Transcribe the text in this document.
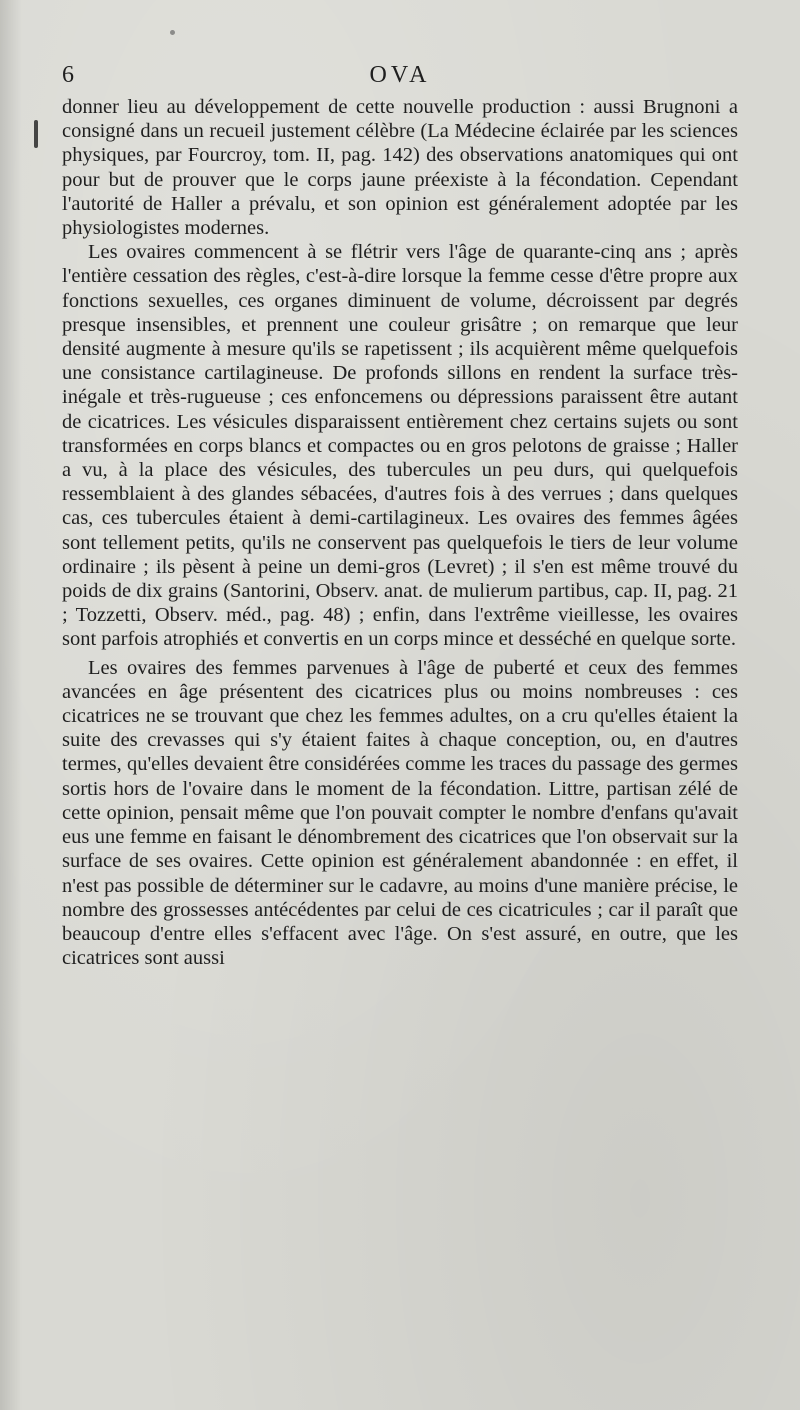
6	OVA

donner lieu au développement de cette nouvelle production : aussi Brugnoni a consigné dans un recueil justement célèbre (La Médecine éclairée par les sciences physiques, par Fourcroy, tom. II, pag. 142) des observations anatomiques qui ont pour but de prouver que le corps jaune préexiste à la fécondation. Cependant l'autorité de Haller a prévalu, et son opinion est généralement adoptée par les physiologistes modernes.

Les ovaires commencent à se flétrir vers l'âge de quarante-cinq ans ; après l'entière cessation des règles, c'est-à-dire lorsque la femme cesse d'être propre aux fonctions sexuelles, ces organes diminuent de volume, décroissent par degrés presque insensibles, et prennent une couleur grisâtre ; on remarque que leur densité augmente à mesure qu'ils se rapetissent ; ils acquièrent même quelquefois une consistance cartilagineuse. De profonds sillons en rendent la surface très-inégale et très-rugueuse ; ces enfoncemens ou dépressions paraissent être autant de cicatrices. Les vésicules disparaissent entièrement chez certains sujets ou sont transformées en corps blancs et compactes ou en gros pelotons de graisse ; Haller a vu, à la place des vésicules, des tubercules un peu durs, qui quelquefois ressemblaient à des glandes sébacées, d'autres fois à des verrues ; dans quelques cas, ces tubercules étaient à demi-cartilagineux. Les ovaires des femmes âgées sont tellement petits, qu'ils ne conservent pas quelquefois le tiers de leur volume ordinaire ; ils pèsent à peine un demi-gros (Levret) ; il s'en est même trouvé du poids de dix grains (Santorini, Observ. anat. de mulierum partibus, cap. II, pag. 21 ; Tozzetti, Observ. méd., pag. 48) ; enfin, dans l'extrême vieillesse, les ovaires sont parfois atrophiés et convertis en un corps mince et desséché en quelque sorte.

Les ovaires des femmes parvenues à l'âge de puberté et ceux des femmes avancées en âge présentent des cicatrices plus ou moins nombreuses : ces cicatrices ne se trouvant que chez les femmes adultes, on a cru qu'elles étaient la suite des crevasses qui s'y étaient faites à chaque conception, ou, en d'autres termes, qu'elles devaient être considérées comme les traces du passage des germes sortis hors de l'ovaire dans le moment de la fécondation. Littre, partisan zélé de cette opinion, pensait même que l'on pouvait compter le nombre d'enfans qu'avait eus une femme en faisant le dénombrement des cicatrices que l'on observait sur la surface de ses ovaires. Cette opinion est généralement abandonnée : en effet, il n'est pas possible de déterminer sur le cadavre, au moins d'une manière précise, le nombre des grossesses antécédentes par celui de ces cicatricules ; car il paraît que beaucoup d'entre elles s'effacent avec l'âge. On s'est assuré, en outre, que les cicatrices sont aussi
